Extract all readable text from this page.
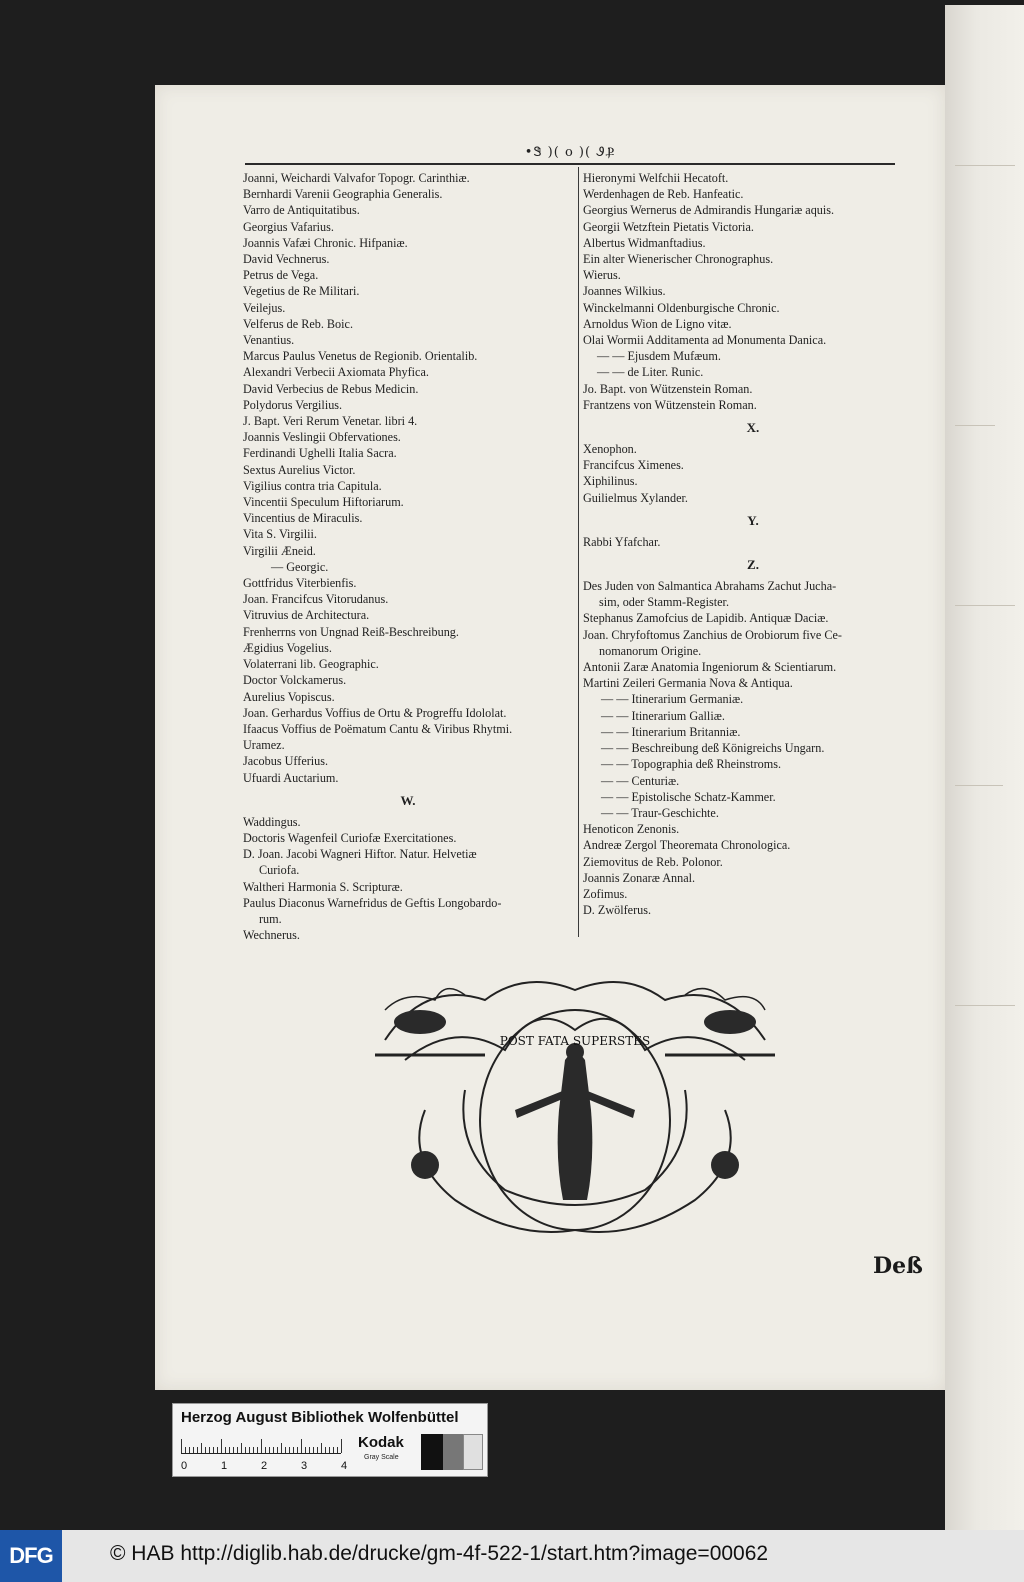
•Ꮥ )( o )( ᏭⳀ
Joanni, Weichardi Valvafor Topogr. Carinthiæ.
Bernhardi Varenii Geographia Generalis.
Varro de Antiquitatibus.
Georgius Vafarius.
Joannis Vafæi Chronic. Hifpaniæ.
David Vechnerus.
Petrus de Vega.
Vegetius de Re Militari.
Veilejus.
Velferus de Reb. Boic.
Venantius.
Marcus Paulus Venetus de Regionib. Orientalib.
Alexandri Verbecii Axiomata Phyfica.
David Verbecius de Rebus Medicin.
Polydorus Vergilius.
J. Bapt. Veri Rerum Venetar. libri 4.
Joannis Veslingii Obfervationes.
Ferdinandi Ughelli Italia Sacra.
Sextus Aurelius Victor.
Vigilius contra tria Capitula.
Vincentii Speculum Hiftoriarum.
Vincentius de Miraculis.
Vita S. Virgilii.
Virgilii Æneid.
— Georgic.
Gottfridus Viterbienfis.
Joan. Francifcus Vitorudanus.
Vitruvius de Architectura.
Frenherrns von Ungnad Reiß-Beschreibung.
Ægidius Vogelius.
Volaterrani lib. Geographic.
Doctor Volckamerus.
Aurelius Vopiscus.
Joan. Gerhardus Voffius de Ortu & Progreffu Idololat.
Ifaacus Voffius de Poëmatum Cantu & Viribus Rhytmi.
Uramez.
Jacobus Ufferius.
Ufuardi Auctarium.
W.
Waddingus.
Doctoris Wagenfeil Curiofæ Exercitationes.
D. Joan. Jacobi Wagneri Hiftor. Natur. Helvetiæ
Curiofa.
Waltheri Harmonia S. Scripturæ.
Paulus Diaconus Warnefridus de Geftis Longobardo-
rum.
Wechnerus.
Hieronymi Welfchii Hecatoft.
Werdenhagen de Reb. Hanfeatic.
Georgius Wernerus de Admirandis Hungariæ aquis.
Georgii Wetzftein Pietatis Victoria.
Albertus Widmanftadius.
Ein alter Wienerischer Chronographus.
Wierus.
Joannes Wilkius.
Winckelmanni Oldenburgische Chronic.
Arnoldus Wion de Ligno vitæ.
Olai Wormii Additamenta ad Monumenta Danica.
— — Ejusdem Mufæum.
— — de Liter. Runic.
Jo. Bapt. von Wützenstein Roman.
Frantzens von Wützenstein Roman.
X.
Xenophon.
Francifcus Ximenes.
Xiphilinus.
Guilielmus Xylander.
Y.
Rabbi Yfafchar.
Z.
Des Juden von Salmantica Abrahams Zachut Jucha-
sim, oder Stamm-Register.
Stephanus Zamofcius de Lapidib. Antiquæ Daciæ.
Joan. Chryfoftomus Zanchius de Orobiorum five Ce-
nomanorum Origine.
Antonii Zaræ Anatomia Ingeniorum & Scientiarum.
Martini Zeileri Germania Nova & Antiqua.
— — Itinerarium Germaniæ.
— — Itinerarium Galliæ.
— — Itinerarium Britanniæ.
— — Beschreibung deß Königreichs Ungarn.
— — Topographia deß Rheinstroms.
— — Centuriæ.
— — Epistolische Schatz-Kammer.
— — Traur-Geschichte.
Henoticon Zenonis.
Andreæ Zergol Theoremata Chronologica.
Ziemovitus de Reb. Polonor.
Joannis Zonaræ Annal.
Zofimus.
D. Zwölferus.
POST FATA SUPERSTES
Deß
Herzog August Bibliothek Wolfenbüttel
0	1	2	3	4
Kodak
Gray Scale
DFG	© HAB http://diglib.hab.de/drucke/gm-4f-522-1/start.htm?image=00062
